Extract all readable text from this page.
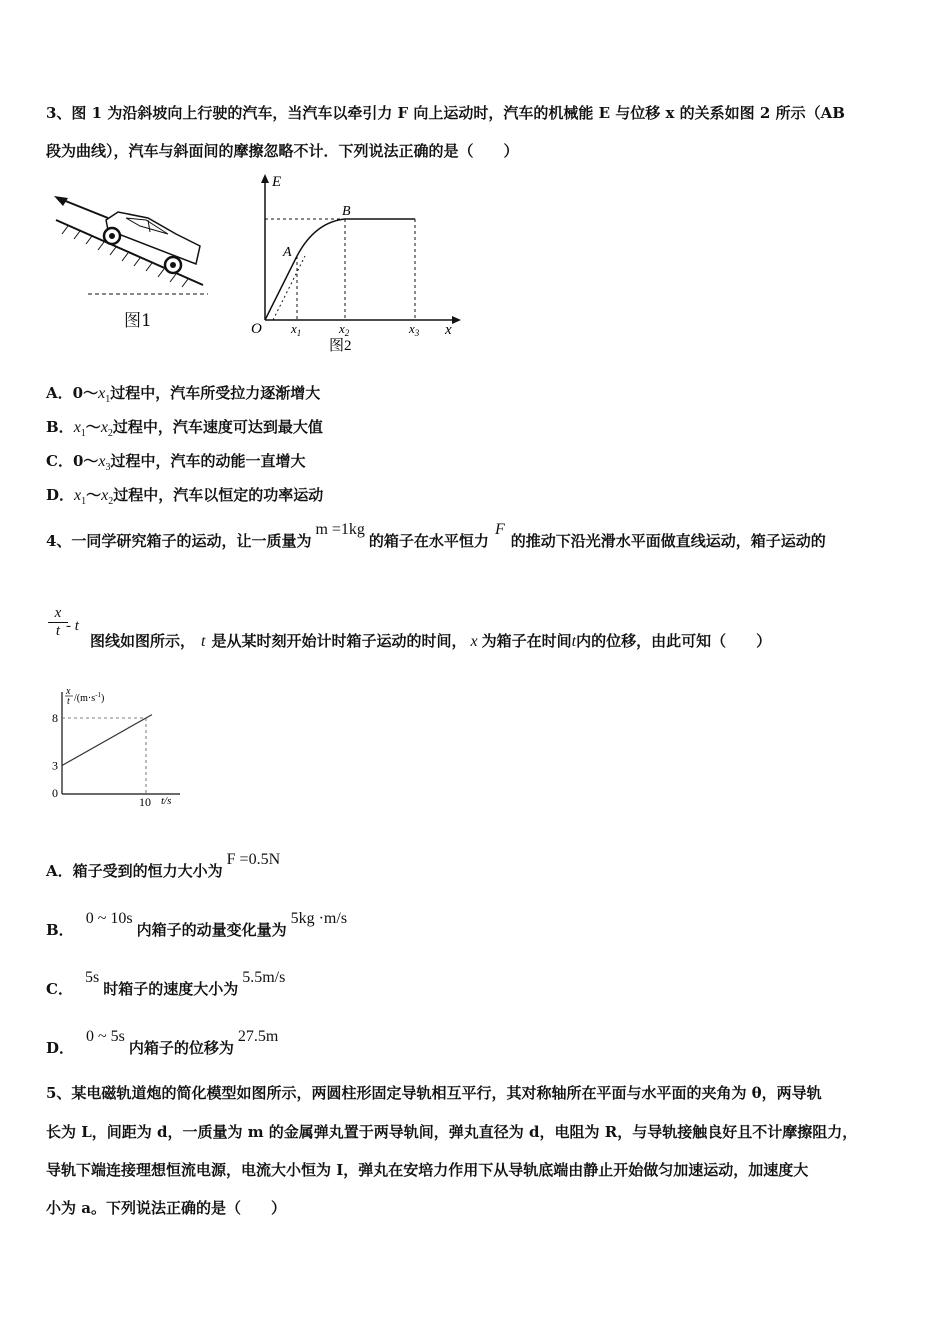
3、图 1 为沿斜坡向上行驶的汽车，当汽车以牵引力 F 向上运动时，汽车的机械能 E 与位移 x 的关系如图 2 所示（AB
段为曲线），汽车与斜面间的摩擦忽略不计．下列说法正确的是（　　）
图1
E
x
O
A
B
$x_1$	$x_2$	$x_3$
图2
A．$0\sim x_1$过程中，汽车所受拉力逐渐增大
B．$x_1\sim x_2$过程中，汽车速度可达到最大值
C．$0\sim x_3$过程中，汽车的动能一直增大
D．$x_1\sim x_2$过程中，汽车以恒定的功率运动
4、一同学研究箱子的运动，让一质量为m =1kg的箱子在水平恒力F的推动下沿光滑水平面做直线运动，箱子运动的
x
t - t
图线如图所示， t 是从某时刻开始计时箱子运动的时间， x 为箱子在时间t内的位移，由此可知（　　）
8
3
0
10 t/s
x
t $/(m\cdot s^{-1})$
A．箱子受到的恒力大小为F =0.5N
B．0 ~ 10s内箱子的动量变化量为5kg ·m/s
C．5s时箱子的速度大小为5.5m/s
D．0 ~ 5s内箱子的位移为27.5m
5、某电磁轨道炮的简化模型如图所示，两圆柱形固定导轨相互平行，其对称轴所在平面与水平面的夹角为 θ，两导轨
长为 L，间距为 d，一质量为 m 的金属弹丸置于两导轨间，弹丸直径为 d，电阻为 R，与导轨接触良好且不计摩擦阻力，
导轨下端连接理想恒流电源，电流大小恒为 I，弹丸在安培力作用下从导轨底端由静止开始做匀加速运动，加速度大
小为 a。下列说法正确的是（　　）
